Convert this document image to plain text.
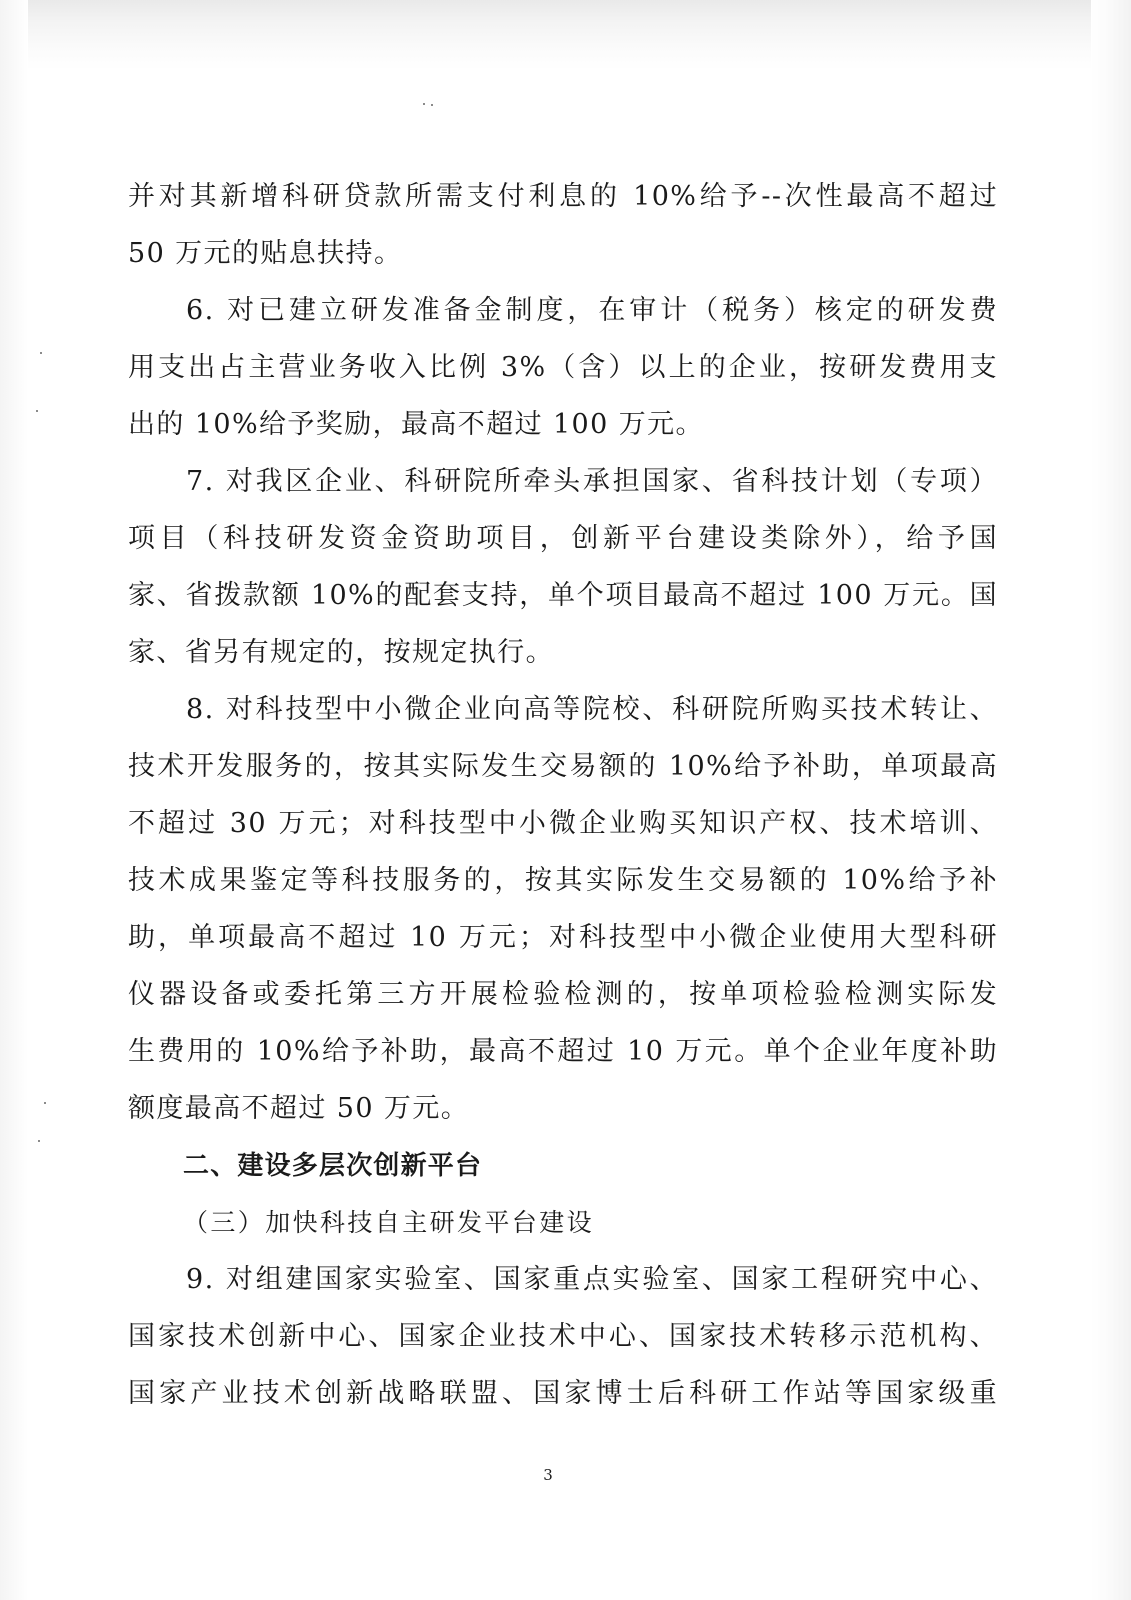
并对其新增科研贷款所需支付利息的 10%给予--次性最高不超过
50 万元的贴息扶持。
6. 对已建立研发准备金制度，在审计（税务）核定的研发费
用支出占主营业务收入比例 3%（含）以上的企业，按研发费用支
出的 10%给予奖励，最高不超过 100 万元。
7. 对我区企业、科研院所牵头承担国家、省科技计划（专项）
项目（科技研发资金资助项目，创新平台建设类除外），给予国
家、省拨款额 10%的配套支持，单个项目最高不超过 100 万元。国
家、省另有规定的，按规定执行。
8. 对科技型中小微企业向高等院校、科研院所购买技术转让、
技术开发服务的，按其实际发生交易额的 10%给予补助，单项最高
不超过 30 万元；对科技型中小微企业购买知识产权、技术培训、
技术成果鉴定等科技服务的，按其实际发生交易额的 10%给予补
助，单项最高不超过 10 万元；对科技型中小微企业使用大型科研
仪器设备或委托第三方开展检验检测的，按单项检验检测实际发
生费用的 10%给予补助，最高不超过 10 万元。单个企业年度补助
额度最高不超过 50 万元。
二、建设多层次创新平台
（三）加快科技自主研发平台建设
9. 对组建国家实验室、国家重点实验室、国家工程研究中心、
国家技术创新中心、国家企业技术中心、国家技术转移示范机构、
国家产业技术创新战略联盟、国家博士后科研工作站等国家级重
3
